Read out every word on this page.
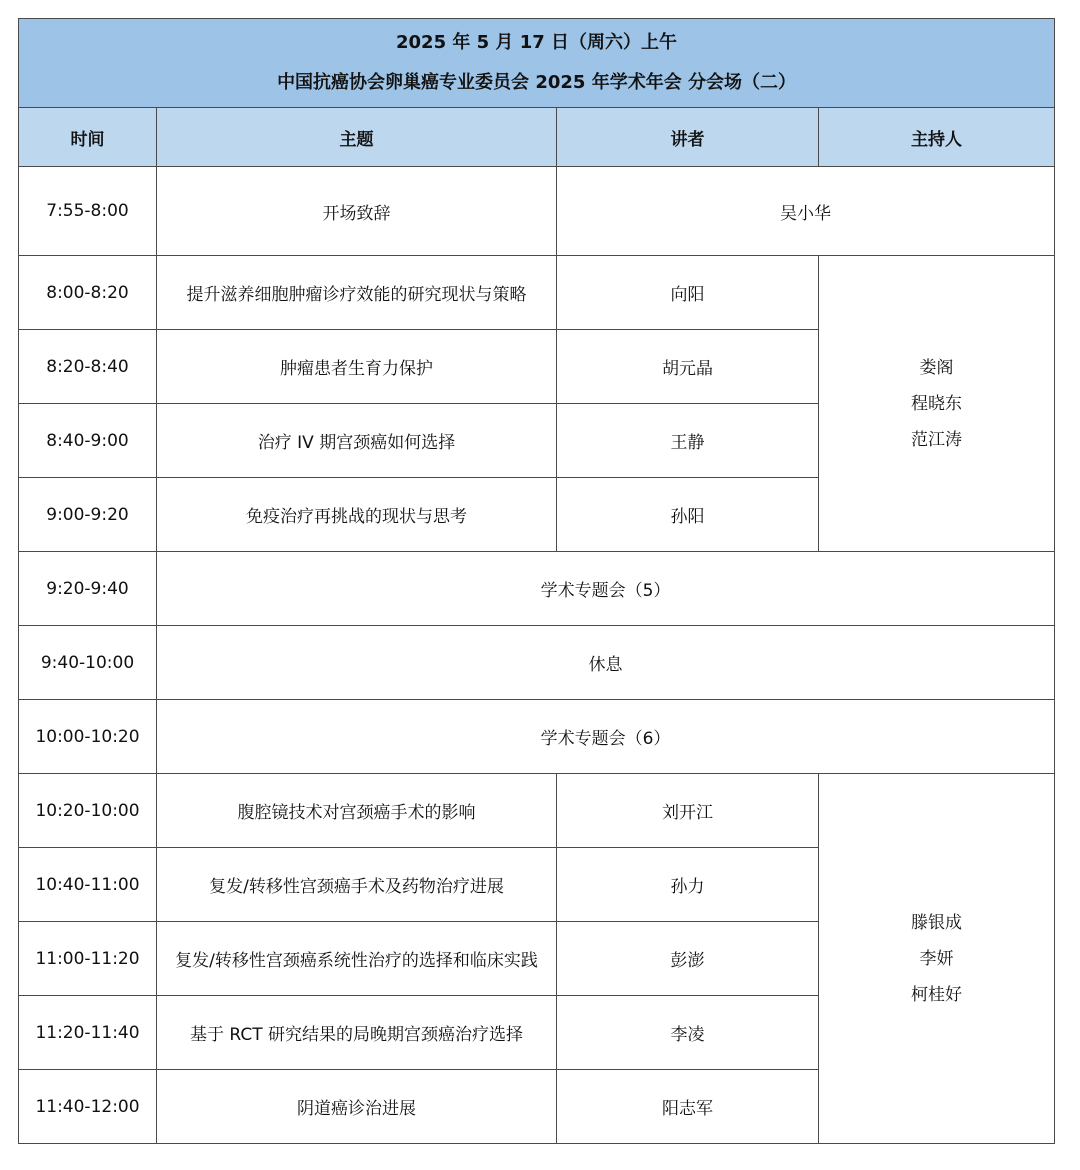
2025 年 5 月 17 日（周六）上午
中国抗癌协会卵巢癌专业委员会 2025 年学术年会 分会场（二）			

时间	主题	讲者	主持人
7:55-8:00	开场致辞	吴小华	
8:00-8:20	提升滋养细胞肿瘤诊疗效能的研究现状与策略	向阳	娄阁
程晓东
范江涛

8:20-8:40	肿瘤患者生育力保护	胡元晶	
8:40-9:00	治疗 IV 期宫颈癌如何选择	王静	
9:00-9:20	免疫治疗再挑战的现状与思考	孙阳	
9:20-9:40	学术专题会（5）		
9:40-10:00	休息		
10:00-10:20	学术专题会（6）		
10:20-10:00	腹腔镜技术对宫颈癌手术的影响	刘开江	滕银成
李妍
柯桂好

10:40-11:00	复发/转移性宫颈癌手术及药物治疗进展	孙力	
11:00-11:20	复发/转移性宫颈癌系统性治疗的选择和临床实践	彭澎	
11:20-11:40	基于 RCT 研究结果的局晚期宫颈癌治疗选择	李凌	
11:40-12:00	阴道癌诊治进展	阳志军	
